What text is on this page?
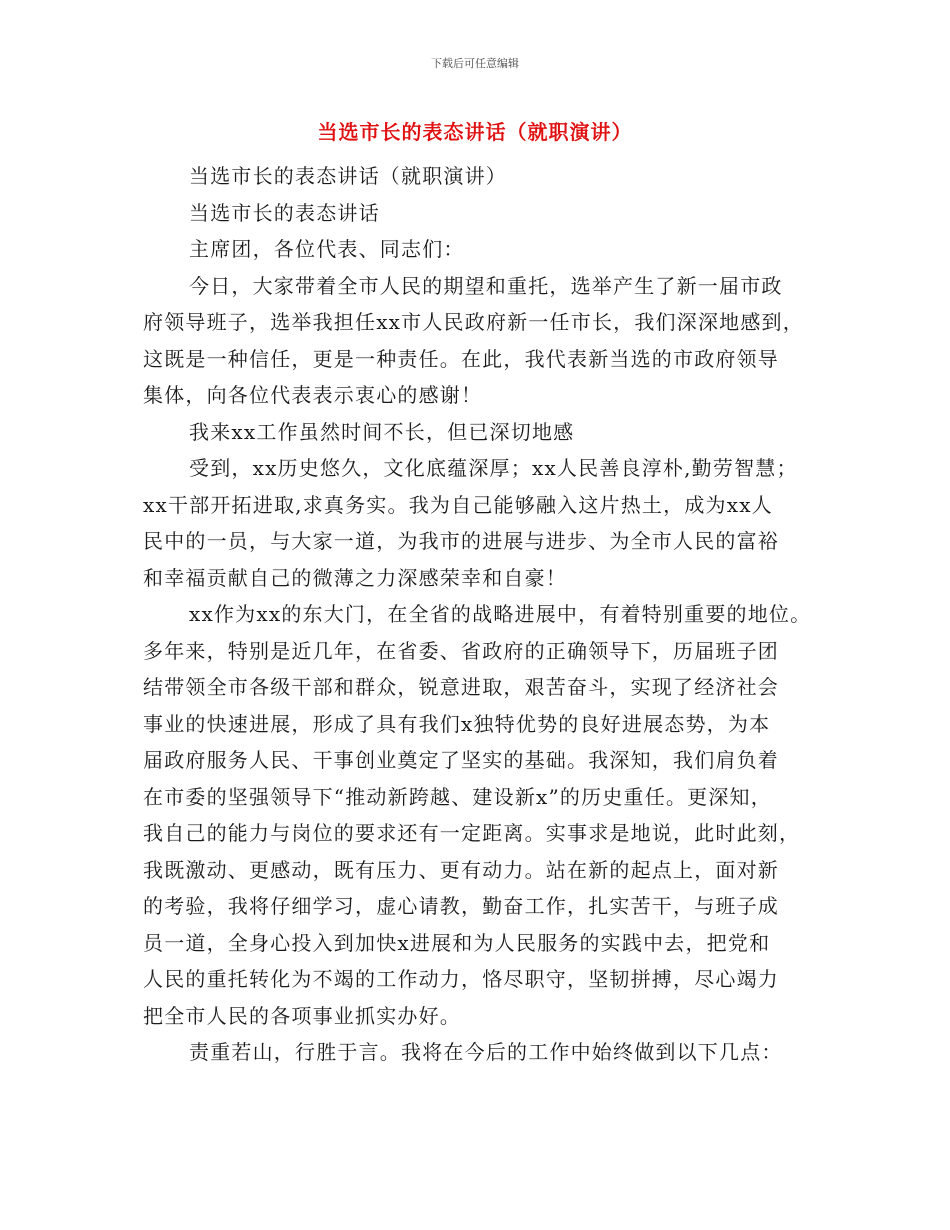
下载后可任意编辑
当选市长的表态讲话（就职演讲）
当选市长的表态讲话（就职演讲）
当选市长的表态讲话
主席团，各位代表、同志们：
今日，大家带着全市人民的期望和重托，选举产生了新一届市政
府领导班子，选举我担任xx市人民政府新一任市长，我们深深地感到，
这既是一种信任，更是一种责任。在此，我代表新当选的市政府领导
集体，向各位代表表示衷心的感谢！
我来xx工作虽然时间不长，但已深切地感
受到，xx历史悠久，文化底蕴深厚；xx人民善良淳朴,勤劳智慧；
xx干部开拓进取,求真务实。我为自己能够融入这片热土，成为xx人
民中的一员，与大家一道，为我市的进展与进步、为全市人民的富裕
和幸福贡献自己的微薄之力深感荣幸和自豪！
xx作为xx的东大门，在全省的战略进展中，有着特别重要的地位。
多年来，特别是近几年，在省委、省政府的正确领导下，历届班子团
结带领全市各级干部和群众，锐意进取，艰苦奋斗，实现了经济社会
事业的快速进展，形成了具有我们x独特优势的良好进展态势，为本
届政府服务人民、干事创业奠定了坚实的基础。我深知，我们肩负着
在市委的坚强领导下“推动新跨越、建设新x”的历史重任。更深知，
我自己的能力与岗位的要求还有一定距离。实事求是地说，此时此刻，
我既激动、更感动，既有压力、更有动力。站在新的起点上，面对新
的考验，我将仔细学习，虚心请教，勤奋工作，扎实苦干，与班子成
员一道，全身心投入到加快x进展和为人民服务的实践中去，把党和
人民的重托转化为不竭的工作动力，恪尽职守，坚韧拼搏，尽心竭力
把全市人民的各项事业抓实办好。
责重若山，行胜于言。我将在今后的工作中始终做到以下几点：
